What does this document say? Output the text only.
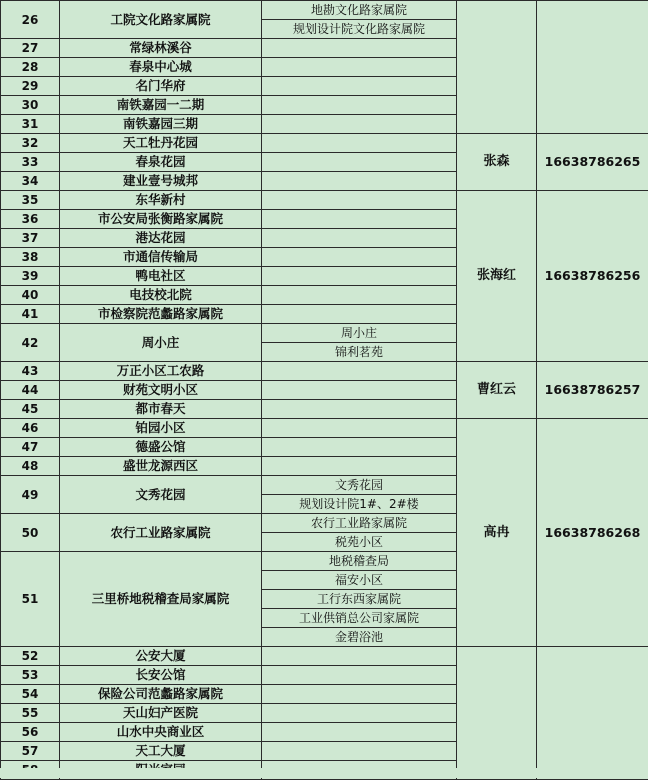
26	工院文化路家属院	地勘文化路家属院		
		规划设计院文化路家属院		
27	常绿林溪谷			
28	春泉中心城			
29	名门华府			
30	南铁嘉园一二期			
31	南铁嘉园三期			
32	天工牡丹花园		张森	16638786265
33	春泉花园			
34	建业壹号城邦			
35	东华新村		张海红	16638786256
36	市公安局张衡路家属院			
37	港达花园			
38	市通信传输局			
39	鸭电社区			
40	电技校北院			
41	市检察院范蠡路家属院			
42	周小庄	周小庄		
		锦利茗苑		
43	万正小区工农路		曹红云	16638786257
44	财苑文明小区			
45	都市春天			
46	铂园小区		高冉	16638786268
47	德盛公馆			
48	盛世龙源西区			
49	文秀花园	文秀花园		
		规划设计院1#、2#楼		
50	农行工业路家属院	农行工业路家属院		
		税苑小区		
51	三里桥地税稽查局家属院	地税稽查局		
		福安小区		
		工行东西家属院		
		工业供销总公司家属院		
		金碧浴池		
52	公安大厦			
53	长安公馆			
54	保险公司范蠡路家属院			
55	天山妇产医院			
56	山水中央商业区			
57	天工大厦			
